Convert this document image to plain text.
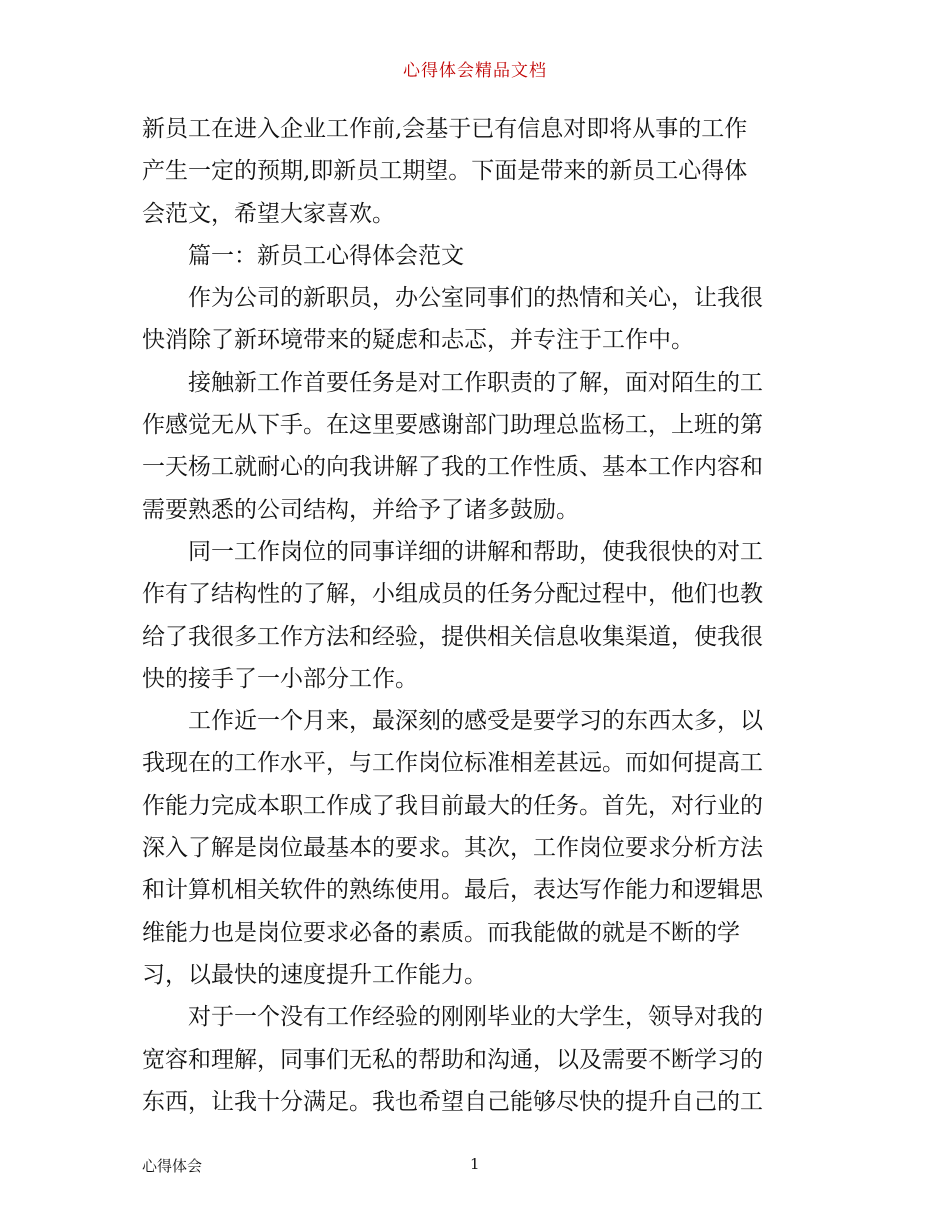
心得体会精品文档
新员工在进入企业工作前,会基于已有信息对即将从事的工作
产生一定的预期,即新员工期望。下面是带来的新员工心得体
会范文，希望大家喜欢。
篇一：新员工心得体会范文
作为公司的新职员，办公室同事们的热情和关心，让我很
快消除了新环境带来的疑虑和忐忑，并专注于工作中。
接触新工作首要任务是对工作职责的了解，面对陌生的工
作感觉无从下手。在这里要感谢部门助理总监杨工，上班的第
一天杨工就耐心的向我讲解了我的工作性质、基本工作内容和
需要熟悉的公司结构，并给予了诸多鼓励。
同一工作岗位的同事详细的讲解和帮助，使我很快的对工
作有了结构性的了解，小组成员的任务分配过程中，他们也教
给了我很多工作方法和经验，提供相关信息收集渠道，使我很
快的接手了一小部分工作。
工作近一个月来，最深刻的感受是要学习的东西太多，以
我现在的工作水平，与工作岗位标准相差甚远。而如何提高工
作能力完成本职工作成了我目前最大的任务。首先，对行业的
深入了解是岗位最基本的要求。其次，工作岗位要求分析方法
和计算机相关软件的熟练使用。最后，表达写作能力和逻辑思
维能力也是岗位要求必备的素质。而我能做的就是不断的学
习，以最快的速度提升工作能力。
对于一个没有工作经验的刚刚毕业的大学生，领导对我的
宽容和理解，同事们无私的帮助和沟通，以及需要不断学习的
东西，让我十分满足。我也希望自己能够尽快的提升自己的工
心得体会	1
